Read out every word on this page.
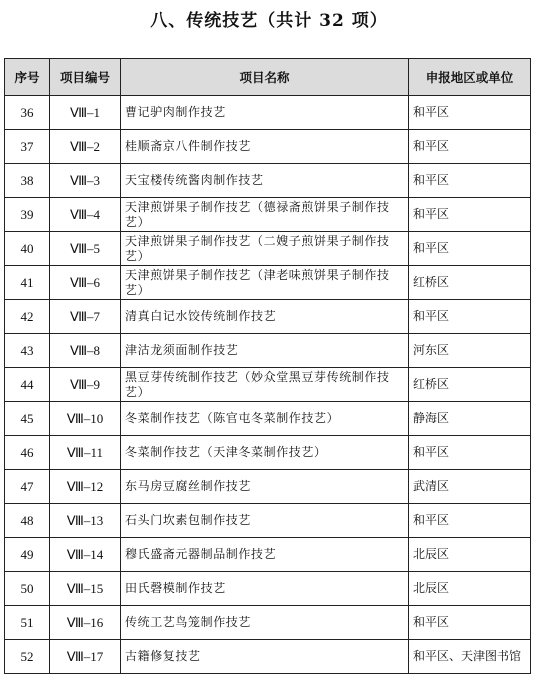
八、传统技艺（共计 32 项）
序号	项目编号	项目名称	申报地区或单位
36	Ⅷ–1	曹记驴肉制作技艺	和平区
37	Ⅷ–2	桂顺斋京八件制作技艺	和平区
38	Ⅷ–3	天宝楼传统酱肉制作技艺	和平区
39	Ⅷ–4	天津煎饼果子制作技艺（德禄斋煎饼果子制作技艺）	和平区
40	Ⅷ–5	天津煎饼果子制作技艺（二嫂子煎饼果子制作技艺）	和平区
41	Ⅷ–6	天津煎饼果子制作技艺（津老味煎饼果子制作技艺）	红桥区
42	Ⅷ–7	清真白记水饺传统制作技艺	和平区
43	Ⅷ–8	津沽龙须面制作技艺	河东区
44	Ⅷ–9	黑豆芽传统制作技艺（妙众堂黑豆芽传统制作技艺）	红桥区
45	Ⅷ–10	冬菜制作技艺（陈官屯冬菜制作技艺）	静海区
46	Ⅷ–11	冬菜制作技艺（天津冬菜制作技艺）	和平区
47	Ⅷ–12	东马房豆腐丝制作技艺	武清区
48	Ⅷ–13	石头门坎素包制作技艺	和平区
49	Ⅷ–14	穆氏盛斋元器制品制作技艺	北辰区
50	Ⅷ–15	田氏磬模制作技艺	北辰区
51	Ⅷ–16	传统工艺鸟笼制作技艺	和平区
52	Ⅷ–17	古籍修复技艺	和平区、天津图书馆
